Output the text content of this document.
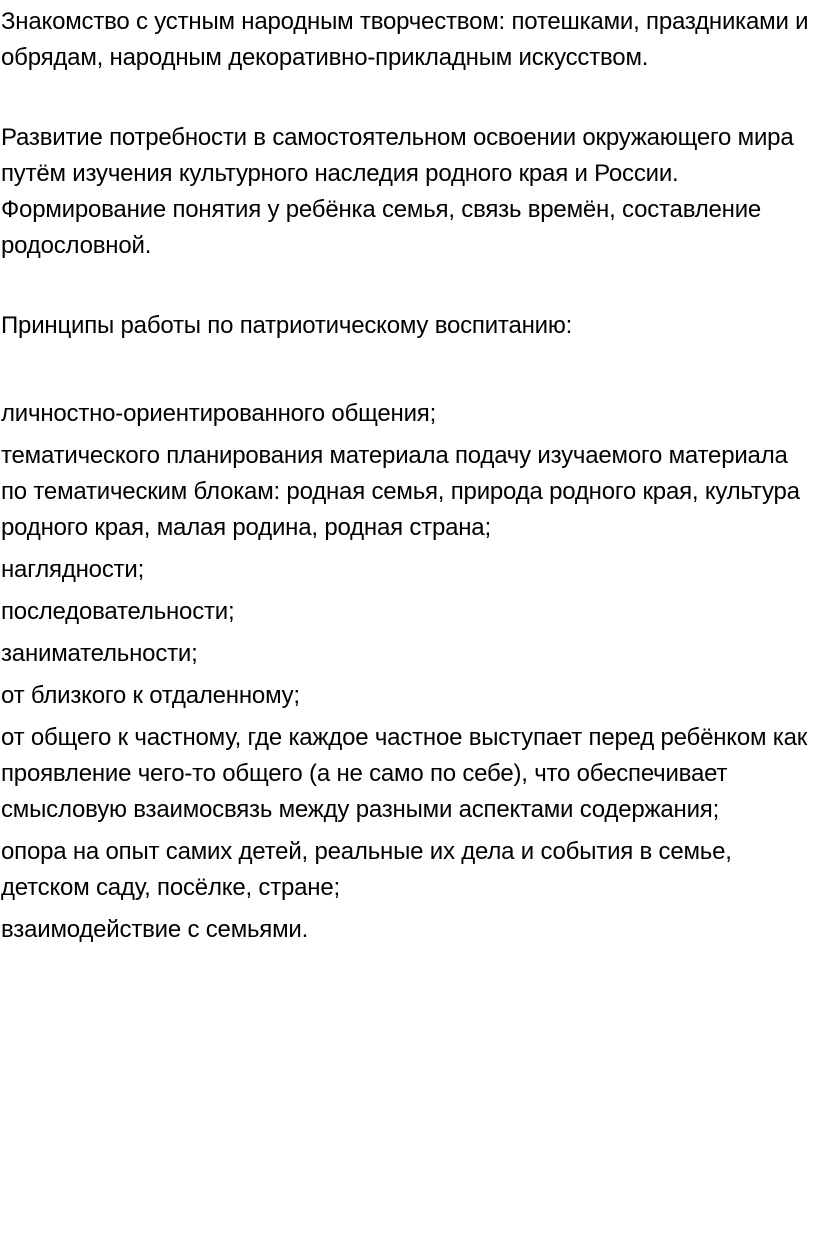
Знакомство с устным народным творчеством: потешками, праздниками и обрядам, народным декоративно-прикладным искусством.

Развитие потребности в самостоятельном освоении окружающего мира путём изучения культурного наследия родного края и России. Формирование понятия у ребёнка семья, связь времён, составление родословной.

Принципы работы по патриотическому воспитанию:

личностно-ориентированного общения;

тематического планирования материала подачу изучаемого материала по тематическим блокам: родная семья, природа родного края, культура родного края, малая родина, родная страна;

наглядности;

последовательности;

занимательности;

от близкого к отдаленному;

от общего к частному, где каждое частное выступает перед ребёнком как проявление чего-то общего (а не само по себе), что обеспечивает смысловую взаимосвязь между разными аспектами содержания;

опора на опыт самих детей, реальные их дела и события в семье, детском саду, посёлке, стране;

взаимодействие с семьями.
